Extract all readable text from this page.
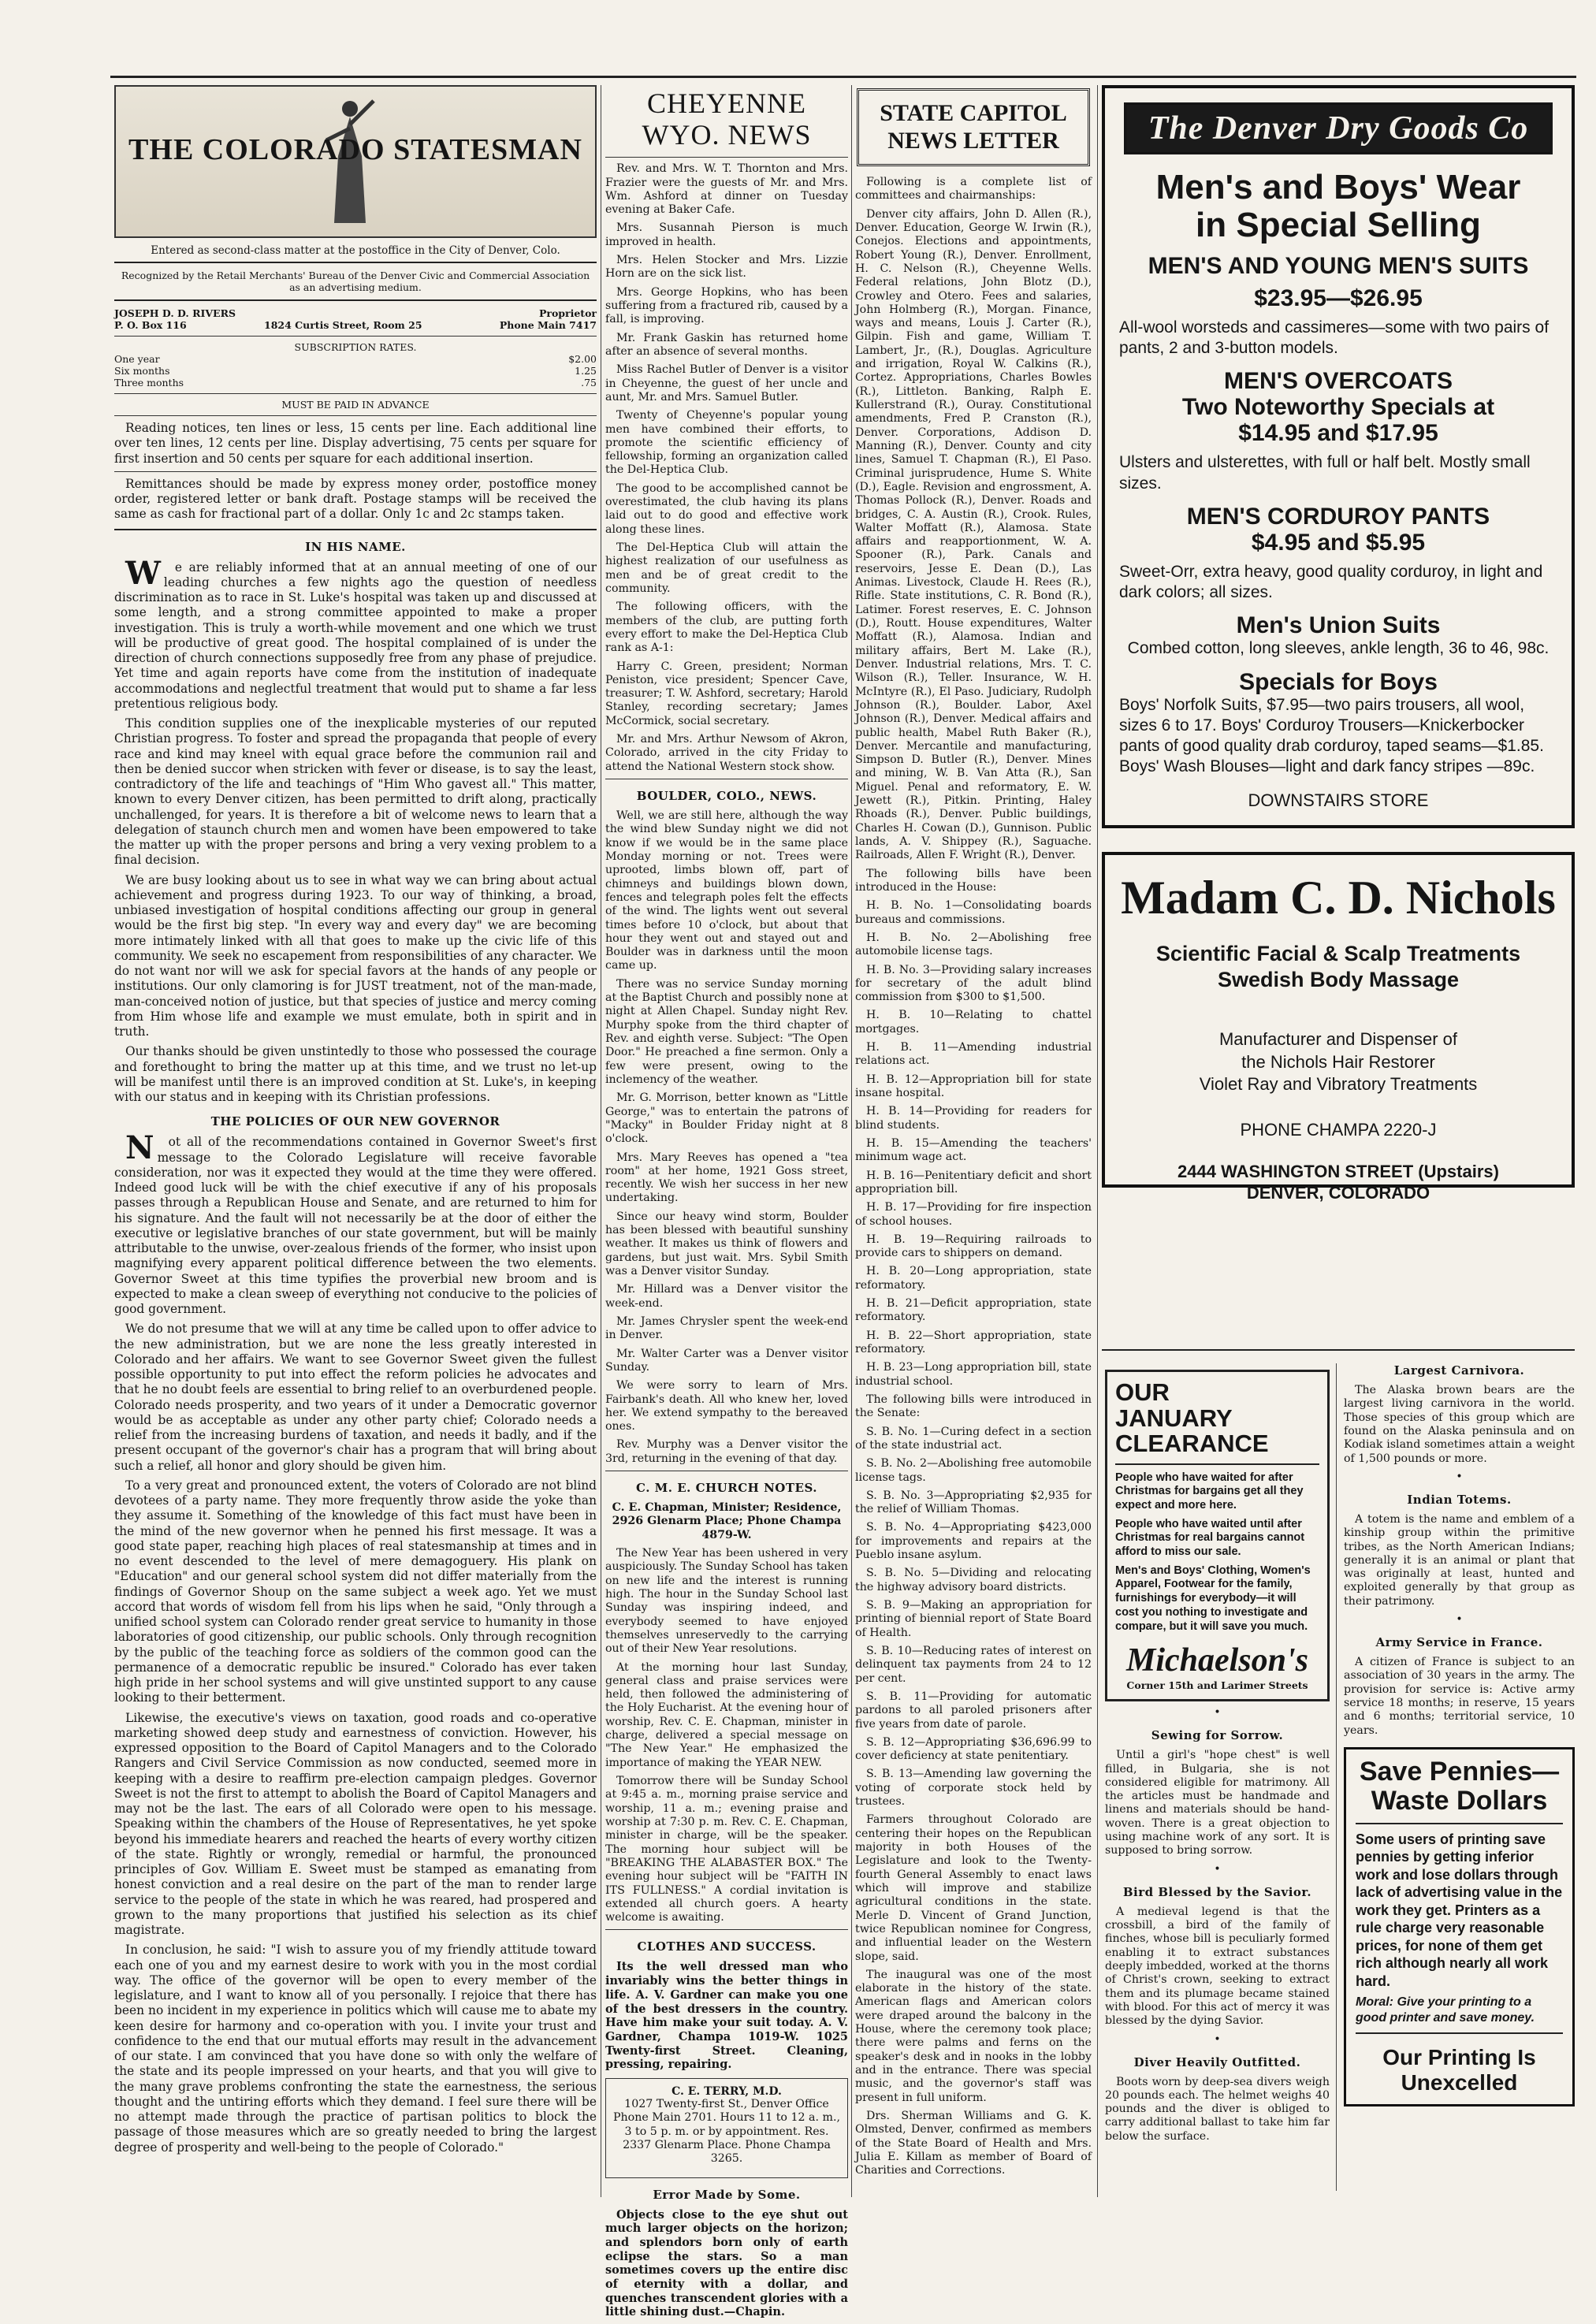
THE COLORADO STATESMAN
Entered as second-class matter at the postoffice in the City of Denver, Colo.
Recognized by the Retail Merchants' Bureau of the Denver Civic and Commercial Association as an advertising medium.
JOSEPH D. D. RIVERS	Proprietor
P. O. Box 116	1824 Curtis Street, Room 25	Phone Main 7417
SUBSCRIPTION RATES.
One year	$2.00
Six months	1.25
Three months	.75
MUST BE PAID IN ADVANCE

Reading notices, ten lines or less, 15 cents per line. Each additional line over ten lines, 12 cents per line. Display advertising, 75 cents per square for first insertion and 50 cents per square for each additional insertion.

Remittances should be made by express money order, postoffice money order, registered letter or bank draft. Postage stamps will be received the same as cash for fractional part of a dollar. Only 1c and 2c stamps taken.

IN HIS NAME.

We are reliably informed that at an annual meeting of one of our leading churches a few nights ago the question of needless discrimination as to race in St. Luke's hospital was taken up and discussed at some length, and a strong committee appointed to make a proper investigation. This is truly a worth-while movement and one which we trust will be productive of great good. The hospital complained of is under the direction of church connections supposedly free from any phase of prejudice. Yet time and again reports have come from the institution of inadequate accommodations and neglectful treatment that would put to shame a far less pretentious religious body.

This condition supplies one of the inexplicable mysteries of our reputed Christian progress. To foster and spread the propaganda that people of every race and kind may kneel with equal grace before the communion rail and then be denied succor when stricken with fever or disease, is to say the least, contradictory of the life and teachings of "Him Who gavest all." This matter, known to every Denver citizen, has been permitted to drift along, practically unchallenged, for years. It is therefore a bit of welcome news to learn that a delegation of staunch church men and women have been empowered to take the matter up with the proper persons and bring a very vexing problem to a final decision.

We are busy looking about us to see in what way we can bring about actual achievement and progress during 1923. To our way of thinking, a broad, unbiased investigation of hospital conditions affecting our group in general would be the first big step. "In every way and every day" we are becoming more intimately linked with all that goes to make up the civic life of this community. We seek no escapement from responsibilities of any character. We do not want nor will we ask for special favors at the hands of any people or institutions. Our only clamoring is for JUST treatment, not of the man-made, man-conceived notion of justice, but that species of justice and mercy coming from Him whose life and example we must emulate, both in spirit and in truth.

Our thanks should be given unstintedly to those who possessed the courage and forethought to bring the matter up at this time, and we trust no let-up will be manifest until there is an improved condition at St. Luke's, in keeping with our status and in keeping with its Christian professions.

THE POLICIES OF OUR NEW GOVERNOR

Not all of the recommendations contained in Governor Sweet's first message to the Colorado Legislature will receive favorable consideration, nor was it expected they would at the time they were offered. Indeed good luck will be with the chief executive if any of his proposals passes through a Republican House and Senate, and are returned to him for his signature. And the fault will not necessarily be at the door of either the executive or legislative branches of our state government, but will be mainly attributable to the unwise, over-zealous friends of the former, who insist upon magnifying every apparent political difference between the two elements. Governor Sweet at this time typifies the proverbial new broom and is expected to make a clean sweep of everything not conducive to the policies of good government.

We do not presume that we will at any time be called upon to offer advice to the new administration, but we are none the less greatly interested in Colorado and her affairs. We want to see Governor Sweet given the fullest possible opportunity to put into effect the reform policies he advocates and that he no doubt feels are essential to bring relief to an overburdened people. Colorado needs prosperity, and two years of it under a Democratic governor would be as acceptable as under any other party chief; Colorado needs a relief from the increasing burdens of taxation, and needs it badly, and if the present occupant of the governor's chair has a program that will bring about such a relief, all honor and glory should be given him.

To a very great and pronounced extent, the voters of Colorado are not blind devotees of a party name. They more frequently throw aside the yoke than they assume it. Something of the knowledge of this fact must have been in the mind of the new governor when he penned his first message. It was a good state paper, reaching high places of real statesmanship at times and in no event descended to the level of mere demagoguery. His plank on "Education" and our general school system did not differ materially from the findings of Governor Shoup on the same subject a week ago. Yet we must accord that words of wisdom fell from his lips when he said, "Only through a unified school system can Colorado render great service to humanity in those laboratories of good citizenship, our public schools. Only through recognition by the public of the teaching force as soldiers of the common good can the permanence of a democratic republic be insured." Colorado has ever taken high pride in her school systems and will give unstinted support to any cause looking to their betterment.

Likewise, the executive's views on taxation, good roads and co-operative marketing showed deep study and earnestness of conviction. However, his expressed opposition to the Board of Capitol Managers and to the Colorado Rangers and Civil Service Commission as now conducted, seemed more in keeping with a desire to reaffirm pre-election campaign pledges. Governor Sweet is not the first to attempt to abolish the Board of Capitol Managers and may not be the last. The ears of all Colorado were open to his message. Speaking within the chambers of the House of Representatives, he yet spoke beyond his immediate hearers and reached the hearts of every worthy citizen of the state. Rightly or wrongly, remedial or harmful, the pronounced principles of Gov. William E. Sweet must be stamped as emanating from honest conviction and a real desire on the part of the man to render large service to the people of the state in which he was reared, had prospered and grown to the many proportions that justified his selection as its chief magistrate.

In conclusion, he said: "I wish to assure you of my friendly attitude toward each one of you and my earnest desire to work with you in the most cordial way. The office of the governor will be open to every member of the legislature, and I want to know all of you personally. I rejoice that there has been no incident in my experience in politics which will cause me to abate my keen desire for harmony and co-operation with you. I invite your trust and confidence to the end that our mutual efforts may result in the advancement of our state. I am convinced that you have done so with only the welfare of the state and its people impressed on your hearts, and that you will give to the many grave problems confronting the state the earnestness, the serious thought and the untiring efforts which they demand. I feel sure there will be no attempt made through the practice of partisan politics to block the passage of those measures which are so greatly needed to bring the largest degree of prosperity and well-being to the people of Colorado."

CHEYENNE
WYO. NEWS

Rev. and Mrs. W. T. Thornton and Mrs. Frazier were the guests of Mr. and Mrs. Wm. Ashford at dinner on Tuesday evening at Baker Cafe.

Mrs. Susannah Pierson is much improved in health.

Mrs. Helen Stocker and Mrs. Lizzie Horn are on the sick list.

Mrs. George Hopkins, who has been suffering from a fractured rib, caused by a fall, is improving.

Mr. Frank Gaskin has returned home after an absence of several months.

Miss Rachel Butler of Denver is a visitor in Cheyenne, the guest of her uncle and aunt, Mr. and Mrs. Samuel Butler.

Twenty of Cheyenne's popular young men have combined their efforts, to promote the scientific efficiency of fellowship, forming an organization called the Del-Heptica Club.

The good to be accomplished cannot be overestimated, the club having its plans laid out to do good and effective work along these lines.

The Del-Heptica Club will attain the highest realization of our usefulness as men and be of great credit to the community.

The following officers, with the members of the club, are putting forth every effort to make the Del-Heptica Club rank as A-1:

Harry C. Green, president; Norman Peniston, vice president; Spencer Cave, treasurer; T. W. Ashford, secretary; Harold Stanley, recording secretary; James McCormick, social secretary.

Mr. and Mrs. Arthur Newsom of Akron, Colorado, arrived in the city Friday to attend the National Western stock show.

BOULDER, COLO., NEWS.

Well, we are still here, although the way the wind blew Sunday night we did not know if we would be in the same place Monday morning or not. Trees were uprooted, limbs blown off, part of chimneys and buildings blown down, fences and telegraph poles felt the effects of the wind. The lights went out several times before 10 o'clock, but about that hour they went out and stayed out and Boulder was in darkness until the moon came up.

There was no service Sunday morning at the Baptist Church and possibly none at night at Allen Chapel. Sunday night Rev. Murphy spoke from the third chapter of Rev. and eighth verse. Subject: "The Open Door." He preached a fine sermon. Only a few were present, owing to the inclemency of the weather.

Mr. G. Morrison, better known as "Little George," was to entertain the patrons of "Macky" in Boulder Friday night at 8 o'clock.

Mrs. Mary Reeves has opened a "tea room" at her home, 1921 Goss street, recently. We wish her success in her new undertaking.

Since our heavy wind storm, Boulder has been blessed with beautiful sunshiny weather. It makes us think of flowers and gardens, but just wait. Mrs. Sybil Smith was a Denver visitor Sunday.

Mr. Hillard was a Denver visitor the week-end.

Mr. James Chrysler spent the week-end in Denver.

Mr. Walter Carter was a Denver visitor Sunday.

We were sorry to learn of Mrs. Fairbank's death. All who knew her, loved her. We extend sympathy to the bereaved ones.

Rev. Murphy was a Denver visitor the 3rd, returning in the evening of that day.

C. M. E. CHURCH NOTES.

C. E. Chapman, Minister; Residence, 2926 Glenarm Place; Phone Champa 4879-W.

The New Year has been ushered in very auspiciously. The Sunday School has taken on new life and the interest is running high. The hour in the Sunday School last Sunday was inspiring indeed, and everybody seemed to have enjoyed themselves unreservedly to the carrying out of their New Year resolutions.

At the morning hour last Sunday, general class and praise services were held, then followed the administering of the Holy Eucharist. At the evening hour of worship, Rev. C. E. Chapman, minister in charge, delivered a special message on "The New Year." He emphasized the importance of making the YEAR NEW.

Tomorrow there will be Sunday School at 9:45 a. m., morning praise service and worship, 11 a. m.; evening praise and worship at 7:30 p. m. Rev. C. E. Chapman, minister in charge, will be the speaker. The morning hour subject will be "BREAKING THE ALABASTER BOX." The evening hour subject will be "FAITH IN ITS FULLNESS." A cordial invitation is extended all church goers. A hearty welcome is awaiting.

CLOTHES AND SUCCESS.

Its the well dressed man who invariably wins the better things in life. A. V. Gardner can make you one of the best dressers in the country. Have him make your suit today. A. V. Gardner, Champa 1019-W. 1025 Twenty-first Street. Cleaning, pressing, repairing.

C. E. TERRY, M.D.

1027 Twenty-first St., Denver Office Phone Main 2701. Hours 11 to 12 a. m., 3 to 5 p. m. or by appointment. Res. 2337 Glenarm Place. Phone Champa 3265.

Error Made by Some.

Objects close to the eye shut out much larger objects on the horizon; and splendors born only of earth eclipse the stars. So a man sometimes covers up the entire disc of eternity with a dollar, and quenches transcendent glories with a little shining dust.—Chapin.

STATE CAPITOL
NEWS LETTER

Following is a complete list of committees and chairmanships:

Denver city affairs, John D. Allen (R.), Denver. Education, George W. Irwin (R.), Conejos. Elections and appointments, Robert Young (R.), Denver. Enrollment, H. C. Nelson (R.), Cheyenne Wells. Federal relations, John Blotz (D.), Crowley and Otero. Fees and salaries, John Holmberg (R.), Morgan. Finance, ways and means, Louis J. Carter (R.), Gilpin. Fish and game, William T. Lambert, Jr., (R.), Douglas. Agriculture and irrigation, Royal W. Calkins (R.), Cortez. Appropriations, Charles Bowles (R.), Littleton. Banking, Ralph E. Kullerstrand (R.), Ouray. Constitutional amendments, Fred P. Cranston (R.), Denver. Corporations, Addison D. Manning (R.), Denver. County and city lines, Samuel T. Chapman (R.), El Paso. Criminal jurisprudence, Hume S. White (D.), Eagle. Revision and engrossment, A. Thomas Pollock (R.), Denver. Roads and bridges, C. A. Austin (R.), Crook. Rules, Walter Moffatt (R.), Alamosa. State affairs and reapportionment, W. A. Spooner (R.), Park. Canals and reservoirs, Jesse E. Dean (D.), Las Animas. Livestock, Claude H. Rees (R.), Rifle. State institutions, C. R. Bond (R.), Latimer. Forest reserves, E. C. Johnson (D.), Routt. House expenditures, Walter Moffatt (R.), Alamosa. Indian and military affairs, Bert M. Lake (R.), Denver. Industrial relations, Mrs. T. C. Wilson (R.), Teller. Insurance, W. H. McIntyre (R.), El Paso. Judiciary, Rudolph Johnson (R.), Boulder. Labor, Axel Johnson (R.), Denver. Medical affairs and public health, Mabel Ruth Baker (R.), Denver. Mercantile and manufacturing, Simpson D. Butler (R.), Denver. Mines and mining, W. B. Van Atta (R.), San Miguel. Penal and reformatory, E. W. Jewett (R.), Pitkin. Printing, Haley Rhoads (R.), Denver. Public buildings, Charles H. Cowan (D.), Gunnison. Public lands, A. V. Shippey (R.), Saguache. Railroads, Allen F. Wright (R.), Denver.

The following bills have been introduced in the House:

H. B. No. 1—Consolidating boards bureaus and commissions.

H. B. No. 2—Abolishing free automobile license tags.

H. B. No. 3—Providing salary increases for secretary of the adult blind commission from $300 to $1,500.

H. B. 10—Relating to chattel mortgages.

H. B. 11—Amending industrial relations act.

H. B. 12—Appropriation bill for state insane hospital.

H. B. 14—Providing for readers for blind students.

H. B. 15—Amending the teachers' minimum wage act.

H. B. 16—Penitentiary deficit and short appropriation bill.

H. B. 17—Providing for fire inspection of school houses.

H. B. 19—Requiring railroads to provide cars to shippers on demand.

H. B. 20—Long appropriation, state reformatory.

H. B. 21—Deficit appropriation, state reformatory.

H. B. 22—Short appropriation, state reformatory.

H. B. 23—Long appropriation bill, state industrial school.

The following bills were introduced in the Senate:

S. B. No. 1—Curing defect in a section of the state industrial act.

S. B. No. 2—Abolishing free automobile license tags.

S. B. No. 3—Appropriating $2,935 for the relief of William Thomas.

S. B. No. 4—Appropriating $423,000 for improvements and repairs at the Pueblo insane asylum.

S. B. No. 5—Dividing and relocating the highway advisory board districts.

S. B. 9—Making an appropriation for printing of biennial report of State Board of Health.

S. B. 10—Reducing rates of interest on delinquent tax payments from 24 to 12 per cent.

S. B. 11—Providing for automatic pardons to all paroled prisoners after five years from date of parole.

S. B. 12—Appropriating $36,696.99 to cover deficiency at state penitentiary.

S. B. 13—Amending law governing the voting of corporate stock held by trustees.

Farmers throughout Colorado are centering their hopes on the Republican majority in both Houses of the Legislature and look to the Twenty-fourth General Assembly to enact laws which will improve and stabilize agricultural conditions in the state. Merle D. Vincent of Grand Junction, twice Republican nominee for Congress, and influential leader on the Western slope, said.

The inaugural was one of the most elaborate in the history of the state. American flags and American colors were draped around the balcony in the House, where the ceremony took place; there were palms and ferns on the speaker's desk and in nooks in the lobby and in the entrance. There was special music, and the governor's staff was present in full uniform.

Drs. Sherman Williams and G. K. Olmsted, Denver, confirmed as members of the State Board of Health and Mrs. Julia E. Killam as member of Board of Charities and Corrections.

OUR
JANUARY
CLEARANCE

People who have waited for after Christmas for bargains get all they expect and more here.

People who have waited until after Christmas for real bargains cannot afford to miss our sale.

Men's and Boys' Clothing, Women's Apparel, Footwear for the family, furnishings for everybody—it will cost you nothing to investigate and compare, but it will save you much.

Michaelson's
Corner 15th and Larimer Streets
•
Sewing for Sorrow.

Until a girl's "hope chest" is well filled, in Bulgaria, she is not considered eligible for matrimony. All the articles must be handmade and linens and materials should be hand-woven. There is a great objection to using machine work of any sort. It is supposed to bring sorrow.

•
Bird Blessed by the Savior.

A medieval legend is that the crossbill, a bird of the family of finches, whose bill is peculiarly formed enabling it to extract substances deeply imbedded, worked at the thorns of Christ's crown, seeking to extract them and its plumage became stained with blood. For this act of mercy it was blessed by the dying Savior.

•
Diver Heavily Outfitted.

Boots worn by deep-sea divers weigh 20 pounds each. The helmet weighs 40 pounds and the diver is obliged to carry additional ballast to take him far below the surface.

The Denver Dry Goods Co
Men's and Boys' Wear
in Special Selling
MEN'S AND YOUNG MEN'S SUITS
$23.95—$26.95
All-wool worsteds and cassimeres—some with two pairs of pants, 2 and 3-button models.
MEN'S OVERCOATS
Two Noteworthy Specials at
$14.95 and $17.95
Ulsters and ulsterettes, with full or half belt. Mostly small sizes.
MEN'S CORDUROY PANTS
$4.95 and $5.95
Sweet-Orr, extra heavy, good quality corduroy, in light and dark colors; all sizes.
Men's Union Suits
Combed cotton, long sleeves, ankle length, 36 to 46, 98c.
Specials for Boys
Boys' Norfolk Suits, $7.95—two pairs trousers, all wool, sizes 6 to 17. Boys' Corduroy Trousers—Knickerbocker pants of good quality drab corduroy, taped seams—$1.85.
Boys' Wash Blouses—light and dark fancy stripes —89c.
DOWNSTAIRS STORE
Madam C. D. Nichols
Scientific Facial & Scalp Treatments
Swedish Body Massage
Manufacturer and Dispenser of
the Nichols Hair Restorer
Violet Ray and Vibratory Treatments
PHONE CHAMPA 2220-J
2444 WASHINGTON STREET (Upstairs)
DENVER, COLORADO
Largest Carnivora.

The Alaska brown bears are the largest living carnivora in the world. Those species of this group which are found on the Alaska peninsula and on Kodiak island sometimes attain a weight of 1,500 pounds or more.

•
Indian Totems.

A totem is the name and emblem of a kinship group within the primitive tribes, as the North American Indians; generally it is an animal or plant that was originally at least, hunted and exploited generally by that group as their patrimony.

•
Army Service in France.

A citizen of France is subject to an association of 30 years in the army. The provision for service is: Active army service 18 months; in reserve, 15 years and 6 months; territorial service, 10 years.

Save Pennies—
Waste Dollars

Some users of printing save pennies by getting inferior work and lose dollars through lack of advertising value in the work they get. Printers as a rule charge very reasonable prices, for none of them get rich although nearly all work hard.

Moral: Give your printing to a good printer and save money.

Our Printing Is
Unexcelled
